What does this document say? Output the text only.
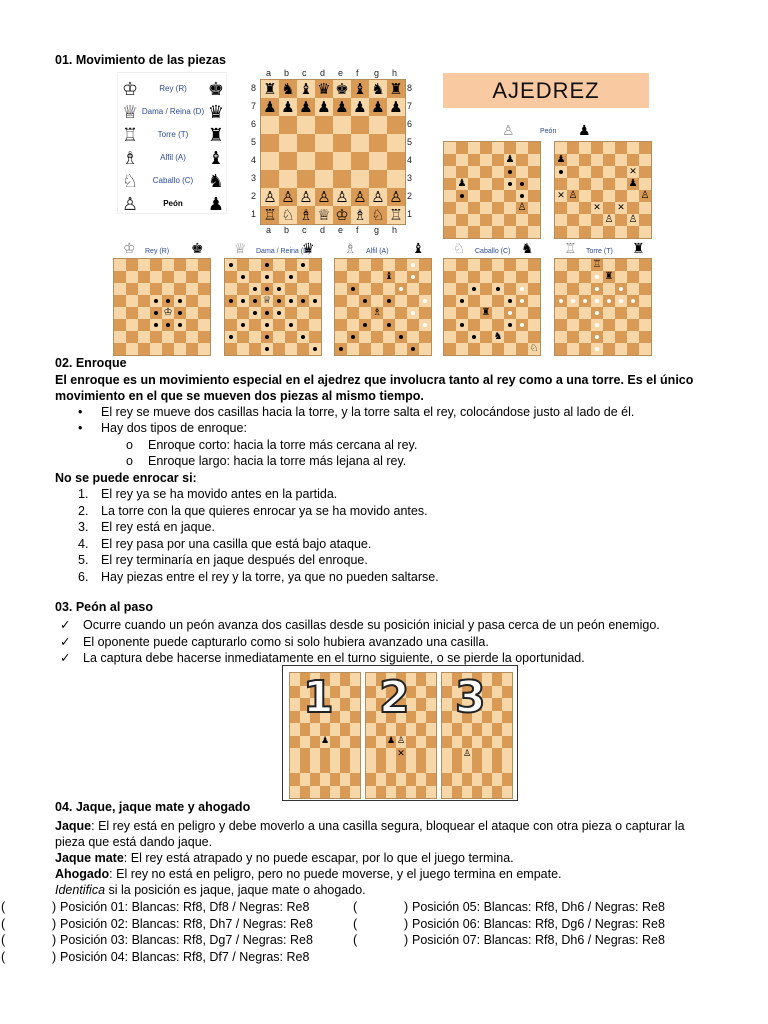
01. Movimiento de las piezas
♔	Rey (R)	♚
♕ Dama / Reina (D) ♛
♖	Torre (T)	♜
♗	Alfil (A)	♝
♘	Caballo (C) ♞
♙	Peón	♟
♜ ♞ ♝ ♛ ♚ ♝ ♞ ♜
♟ ♟ ♟ ♟ ♟ ♟ ♟ ♟
♙ ♙ ♙ ♙ ♙ ♙ ♙ ♙
♖ ♘ ♗ ♕ ♔ ♗ ♘ ♖
a
a
b
b
c
c
d
d
e
e
f
f
g
g
h
h
8	8
7	7
6	6
5	5
4	4
3	3
2	2
1	1
AJEDREZ
♙	Peón ♟
♟
♟
♙
♟
✕
♟
✕ ♙	♙
✕ ✕
♙ ♙
♔
♕
♝
♗	♜
♞
♘
♖
♜
♔ Rey (R) ♚ ♕ Dama / Reina (D)
♛ ♗ Alfil (A) ♝ ♘ Caballo (C) ♞ ♖ Torre (T) ♜
02. Enroque
El enroque es un movimiento especial en el ajedrez que involucra tanto al rey como a una torre. Es el único
movimiento en el que se mueven dos piezas al mismo tiempo.
• El rey se mueve dos casillas hacia la torre, y la torre salta el rey, colocándose justo al lado de él.
• Hay dos tipos de enroque:
o Enroque corto: hacia la torre más cercana al rey.
o Enroque largo: hacia la torre más lejana al rey.
No se puede enrocar si:
1. El rey ya se ha movido antes en la partida.
2. La torre con la que quieres enrocar ya se ha movido antes.
3. El rey está en jaque.
4. El rey pasa por una casilla que está bajo ataque.
5. El rey terminaría en jaque después del enroque.
6. Hay piezas entre el rey y la torre, ya que no pueden saltarse.
03. Peón al paso
✓ Ocurre cuando un peón avanza dos casillas desde su posición inicial y pasa cerca de un peón enemigo.
✓ El oponente puede capturarlo como si solo hubiera avanzado una casilla.
✓ La captura debe hacerse inmediatamente en el turno siguiente, o se pierde la oportunidad.
♟
1
♟ ♙
✕
2
♙
3
04. Jaque, jaque mate y ahogado
Jaque: El rey está en peligro y debe moverlo a una casilla segura, bloquear el ataque con otra pieza o capturar la
pieza que está dando jaque.
Jaque mate: El rey está atrapado y no puede escapar, por lo que el juego termina.
Ahogado: El rey no está en peligro, pero no puede moverse, y el juego termina en empate.
Identifica si la posición es jaque, jaque mate o ahogado.
(	) Posición 01: Blancas: Rf8, Df8 / Negras: Re8
(	) Posición 02: Blancas: Rf8, Dh7 / Negras: Re8
(	) Posición 03: Blancas: Rf8, Dg7 / Negras: Re8
(	) Posición 04: Blancas: Rf8, Df7 / Negras: Re8
(	) Posición 05: Blancas: Rf8, Dh6 / Negras: Re8
(	) Posición 06: Blancas: Rf8, Dg6 / Negras: Re8
(	) Posición 07: Blancas: Rf8, Dh6 / Negras: Re8
